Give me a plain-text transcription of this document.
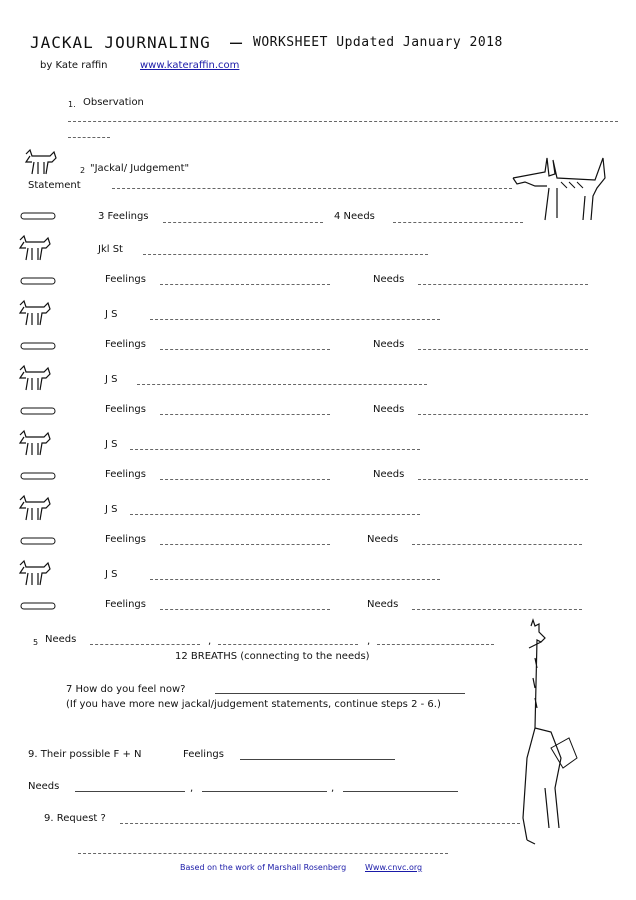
JACKAL JOURNALING – WORKSHEET Updated January 2018
by Kate raffin	www.kateraffin.com
1. Observation
2 "Jackal/ Judgement"
Statement
3 Feelings	4 Needs
Jkl St
Feelings	Needs
J S
Feelings	Needs
J S
Feelings	Needs
J S
Feelings	Needs
J S
Feelings	Needs
J S
Feelings	Needs
5 Needs	,	,
12 BREATHS (connecting to the needs)
7 How do you feel now?
(If you have more new jackal/judgement statements, continue steps 2 - 6.)
9. Their possible F + N	Feelings
Needs	,	,
9. Request ?
Based on the work of Marshall Rosenberg Www.cnvc.org
